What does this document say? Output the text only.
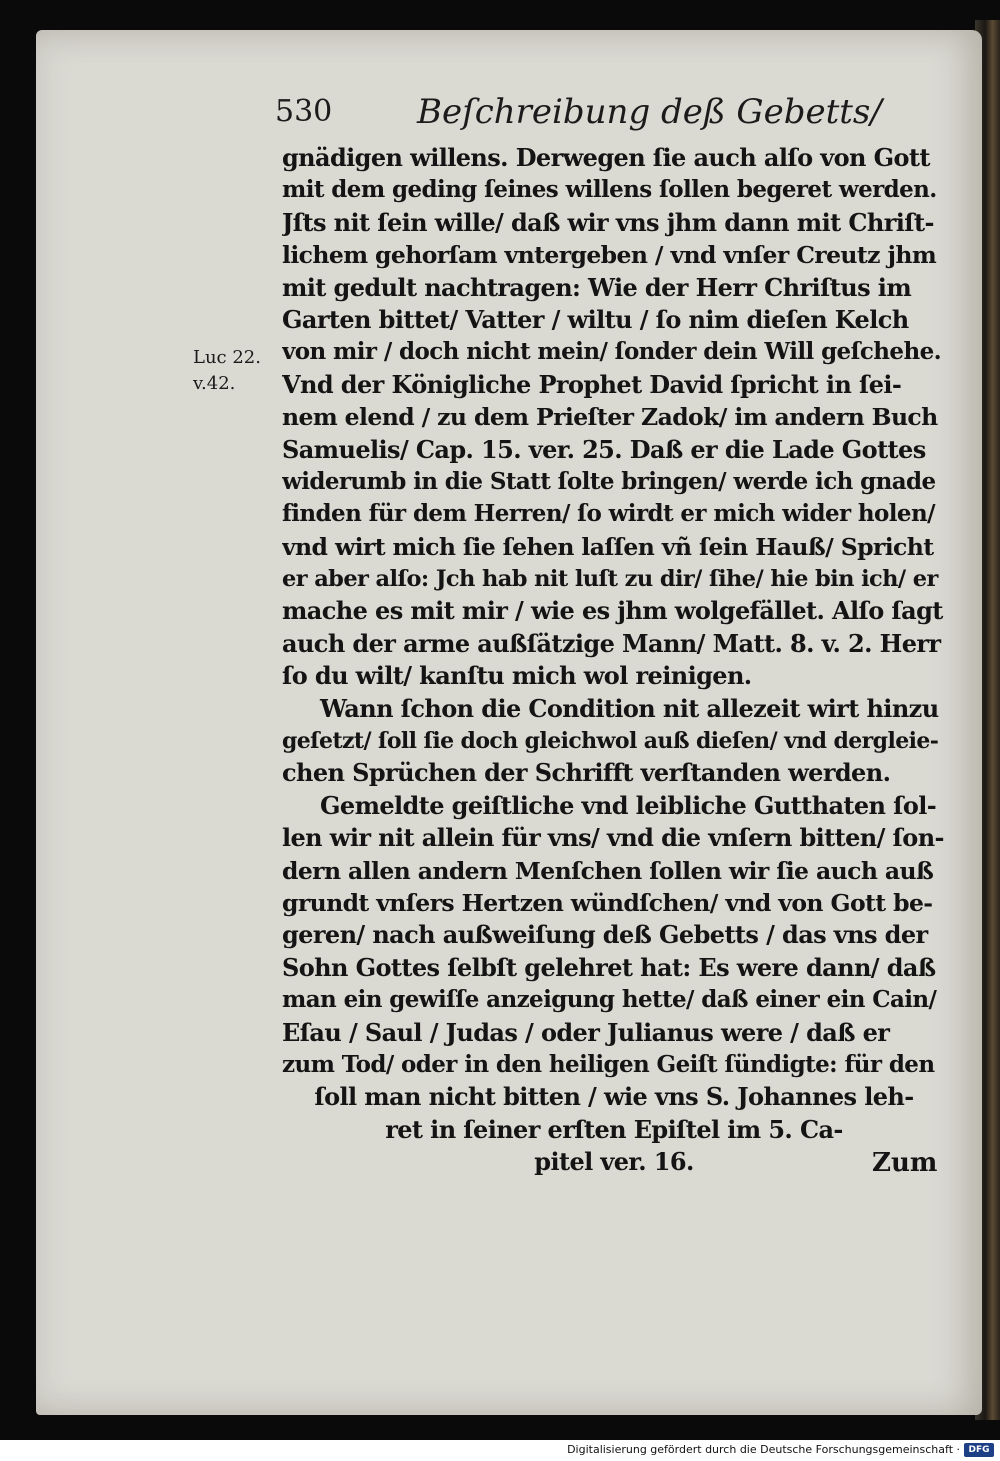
530 Beſchreibung deß Gebetts/
Luc 22.
v.42.
gnädigen willens. Derwegen ſie auch alſo von Gott
mit dem geding ſeines willens ſollen begeret werden.
Jſts nit ſein wille/ daß wir vns jhm dann mit Chriſt-
lichem gehorſam vntergeben / vnd vnſer Creutz jhm
mit gedult nachtragen: Wie der Herr Chriſtus im
Garten bittet/ Vatter / wiltu / ſo nim dieſen Kelch
von mir / doch nicht mein/ ſonder dein Will geſchehe.
Vnd der Königliche Prophet David ſpricht in ſei-
nem elend / zu dem Prieſter Zadok/ im andern Buch
Samuelis/ Cap. 15. ver. 25. Daß er die Lade Gottes
widerumb in die Statt ſolte bringen/ werde ich gnade
finden für dem Herren/ ſo wirdt er mich wider holen/
vnd wirt mich ſie ſehen laſſen vñ ſein Hauß/ Spricht
er aber alſo: Jch hab nit luſt zu dir/ ſihe/ hie bin ich/ er
mache es mit mir / wie es jhm wolgefället. Alſo ſagt
auch der arme außſätzige Mann/ Matt. 8. v. 2. Herr
ſo du wilt/ kanſtu mich wol reinigen.
Wann ſchon die Condition nit allezeit wirt hinzu
geſetzt/ ſoll ſie doch gleichwol auß dieſen/ vnd dergleie-
chen Sprüchen der Schrifft verſtanden werden.
Gemeldte geiſtliche vnd leibliche Gutthaten ſol-
len wir nit allein für vns/ vnd die vnſern bitten/ ſon-
dern allen andern Menſchen ſollen wir ſie auch auß
grundt vnſers Hertzen wündſchen/ vnd von Gott be-
geren/ nach außweiſung deß Gebetts / das vns der
Sohn Gottes ſelbſt gelehret hat: Es were dann/ daß
man ein gewiſſe anzeigung hette/ daß einer ein Cain/
Eſau / Saul / Judas / oder Julianus were / daß er
zum Tod/ oder in den heiligen Geiſt ſündigte: für den
ſoll man nicht bitten / wie vns S. Johannes leh-
ret in ſeiner erſten Epiſtel im 5. Ca-
pitel ver. 16.	Zum
Digitalisierung gefördert durch die Deutsche Forschungsgemeinschaft · DFG
